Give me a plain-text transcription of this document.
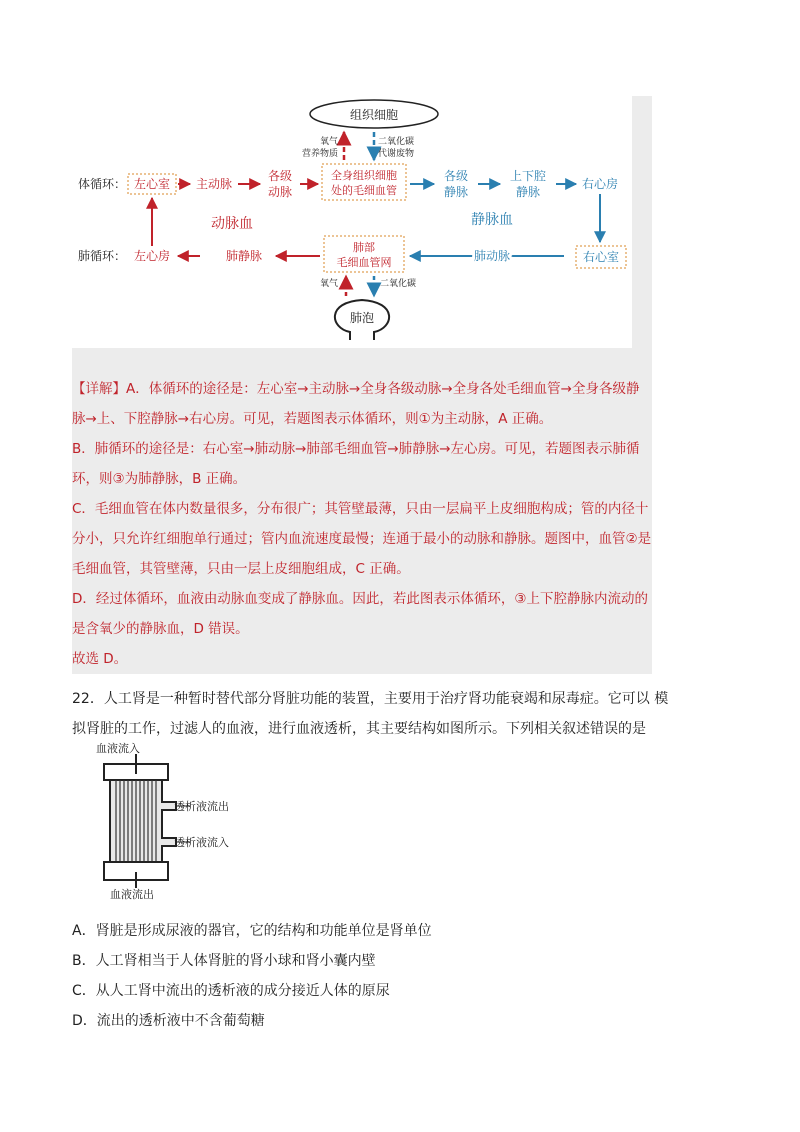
组织细胞
氧气
营养物质
二氧化碳
代谢废物
体循环： 左心室 主动脉
各级
动脉
全身组织细胞
处的毛细血管
各级
静脉
上下腔
静脉
右心房
动脉血	静脉血
肺循环： 左心房	肺静脉
肺部
毛细血管网	肺动脉	右心室
氧气	二氧化碳
肺泡

【详解】A．体循环的途径是：左心室→主动脉→全身各级动脉→全身各处毛细血管→全身各级静

脉→上、下腔静脉→右心房。可见，若题图表示体循环，则①为主动脉，A 正确。

B．肺循环的途径是：右心室→肺动脉→肺部毛细血管→肺静脉→左心房。可见，若题图表示肺循

环，则③为肺静脉，B 正确。

C．毛细血管在体内数量很多，分布很广；其管壁最薄，只由一层扁平上皮细胞构成；管的内径十

分小，只允许红细胞单行通过；管内血流速度最慢；连通于最小的动脉和静脉。题图中，血管②是

毛细血管，其管壁薄，只由一层上皮细胞组成，C 正确。

D．经过体循环，血液由动脉血变成了静脉血。因此，若此图表示体循环，③上下腔静脉内流动的

是含氧少的静脉血，D 错误。

故选 D。

22．人工肾是一种暂时替代部分肾脏功能的装置，主要用于治疗肾功能衰竭和尿毒症。它可以 模

拟肾脏的工作，过滤人的血液，进行血液透析，其主要结构如图所示。下列相关叙述错误的是

血液流入
透析液流出
透析液流入
血液流出

A．肾脏是形成尿液的器官，它的结构和功能单位是肾单位

B．人工肾相当于人体肾脏的肾小球和肾小囊内壁

C．从人工肾中流出的透析液的成分接近人体的原尿

D．流出的透析液中不含葡萄糖
